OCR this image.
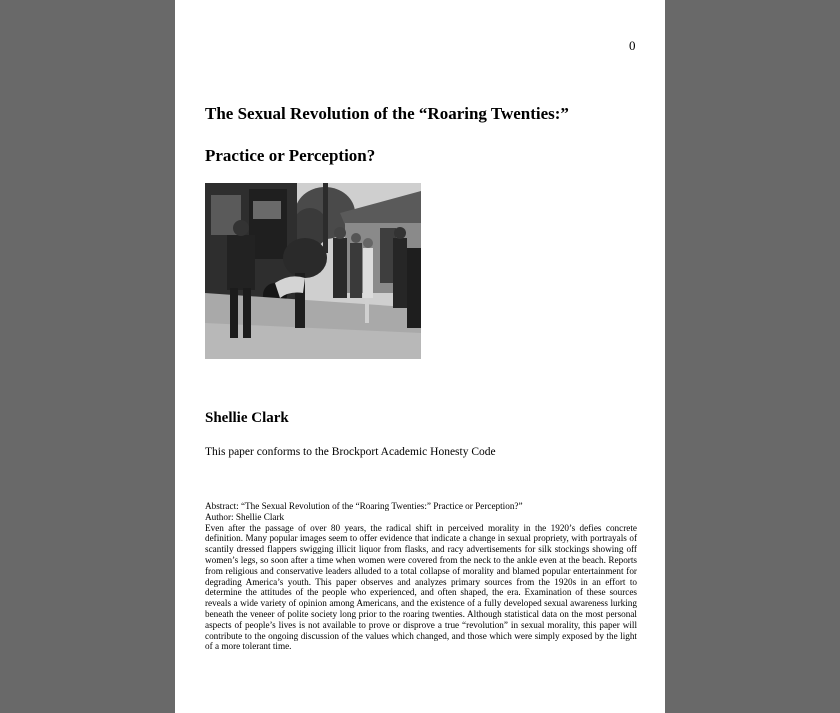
0
The Sexual Revolution of the “Roaring Twenties:”
Practice or Perception?
Shellie Clark
This paper conforms to the Brockport Academic Honesty Code
Abstract: “The Sexual Revolution of the “Roaring Twenties:” Practice or Perception?”
Author: Shellie Clark
Even after the passage of over 80 years, the radical shift in perceived morality in the 1920’s defies concrete definition. Many popular images seem to offer evidence that indicate a change in sexual propriety, with portrayals of scantily dressed flappers swigging illicit liquor from flasks, and racy advertisements for silk stockings showing off women’s legs, so soon after a time when women were covered from the neck to the ankle even at the beach. Reports from religious and conservative leaders alluded to a total collapse of morality and blamed popular entertainment for degrading America’s youth. This paper observes and analyzes primary sources from the 1920s in an effort to determine the attitudes of the people who experienced, and often shaped, the era. Examination of these sources reveals a wide variety of opinion among Americans, and the existence of a fully developed sexual awareness lurking beneath the veneer of polite society long prior to the roaring twenties. Although statistical data on the most personal aspects of people’s lives is not available to prove or disprove a true “revolution” in sexual morality, this paper will contribute to the ongoing discussion of the values which changed, and those which were simply exposed by the light of a more tolerant time.
